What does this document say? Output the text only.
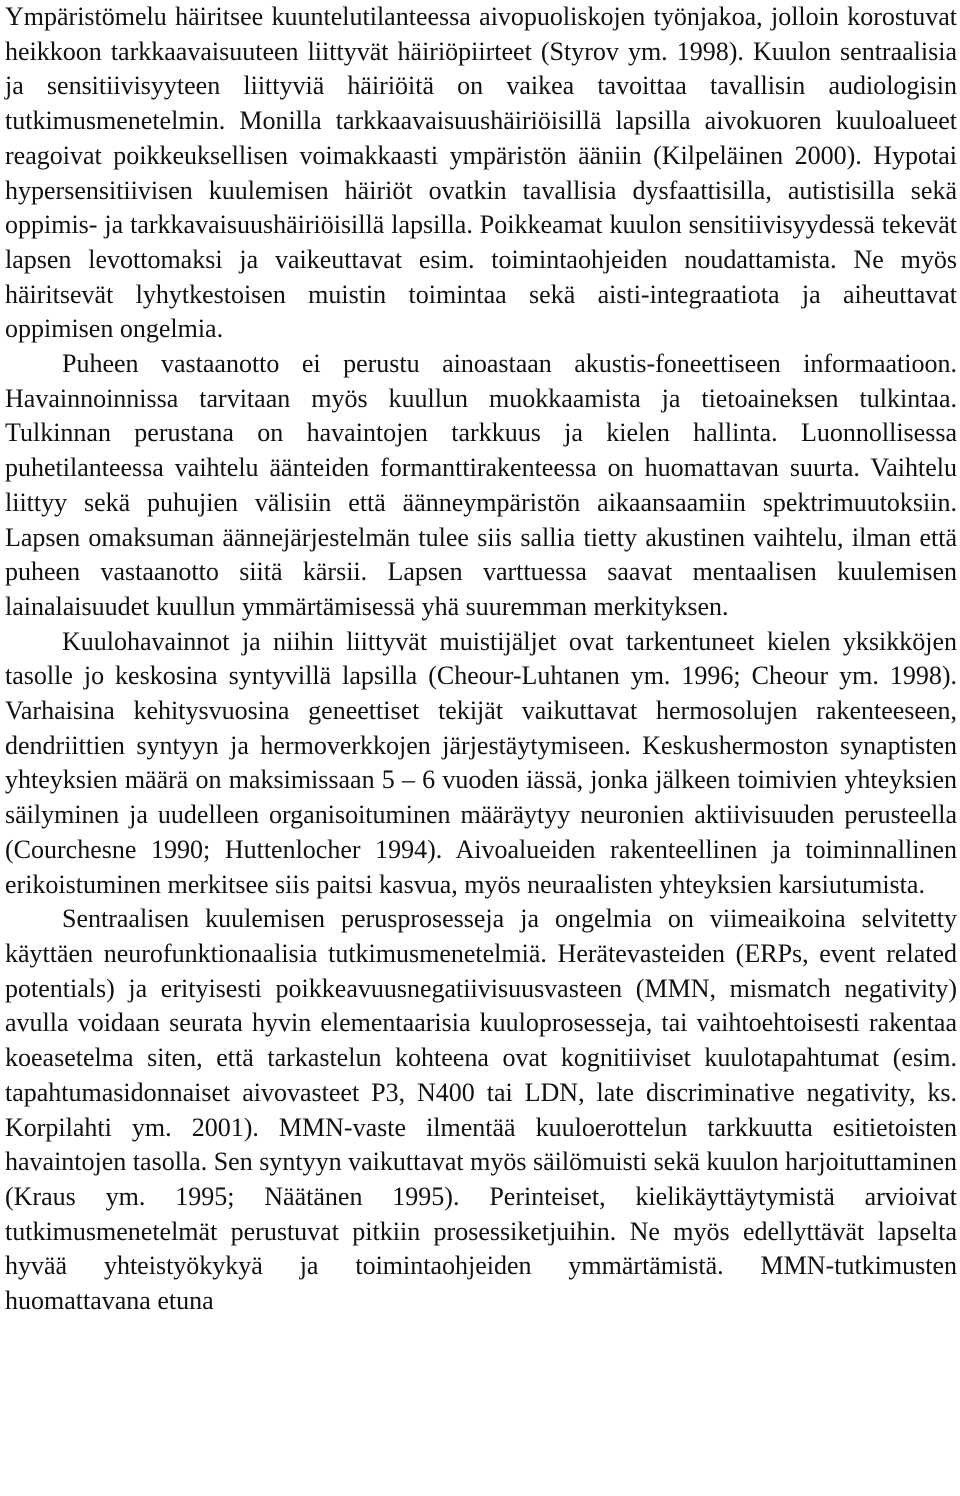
Ympäristömelu häiritsee kuuntelutilanteessa aivopuoliskojen työnjakoa, jolloin korostuvat heikkoon tarkkaavaisuuteen liittyvät häiriöpiirteet (Styrov ym. 1998). Kuulon sentraalisia ja sensitiivisyyteen liittyviä häiriöitä on vaikea tavoittaa tavallisin audiologisin tutkimusmenetelmin. Monilla tarkkaavaisuushäiriöisillä lapsilla aivokuoren kuuloalueet reagoivat poikkeuksellisen voimakkaasti ympäristön ääniin (Kilpeläinen 2000). Hypotai hypersensitiivisen kuulemisen häiriöt ovatkin tavallisia dysfaattisilla, autistisilla sekä oppimis- ja tarkkavaisuushäiriöisillä lapsilla. Poikkeamat kuulon sensitiivisyydessä tekevät lapsen levottomaksi ja vaikeuttavat esim. toimintaohjeiden noudattamista. Ne myös häiritsevät lyhytkestoisen muistin toimintaa sekä aisti-integraatiota ja aiheuttavat oppimisen ongelmia.

Puheen vastaanotto ei perustu ainoastaan akustis-foneettiseen informaatioon. Havainnoinnissa tarvitaan myös kuullun muokkaamista ja tietoaineksen tulkintaa. Tulkinnan perustana on havaintojen tarkkuus ja kielen hallinta. Luonnollisessa puhetilanteessa vaihtelu äänteiden formanttirakenteessa on huomattavan suurta. Vaihtelu liittyy sekä puhujien välisiin että äänneympäristön aikaansaamiin spektrimuutoksiin. Lapsen omaksuman äännejärjestelmän tulee siis sallia tietty akustinen vaihtelu, ilman että puheen vastaanotto siitä kärsii. Lapsen varttuessa saavat mentaalisen kuulemisen lainalaisuudet kuullun ymmärtämisessä yhä suuremman merkityksen.

Kuulohavainnot ja niihin liittyvät muistijäljet ovat tarkentuneet kielen yksikköjen tasolle jo keskosina syntyvillä lapsilla (Cheour-Luhtanen ym. 1996; Cheour ym. 1998). Varhaisina kehitysvuosina geneettiset tekijät vaikuttavat hermosolujen rakenteeseen, dendriittien syntyyn ja hermoverkkojen järjestäytymiseen. Keskushermoston synaptisten yhteyksien määrä on maksimissaan 5 – 6 vuoden iässä, jonka jälkeen toimivien yhteyksien säilyminen ja uudelleen organisoituminen määräytyy neuronien aktiivisuuden perusteella (Courchesne 1990; Huttenlocher 1994). Aivoalueiden rakenteellinen ja toiminnallinen erikoistuminen merkitsee siis paitsi kasvua, myös neuraalisten yhteyksien karsiutumista.

Sentraalisen kuulemisen perusprosesseja ja ongelmia on viimeaikoina selvitetty käyttäen neurofunktionaalisia tutkimusmenetelmiä. Herätevasteiden (ERPs, event related potentials) ja erityisesti poikkeavuusnegatiivisuusvasteen (MMN, mismatch negativity) avulla voidaan seurata hyvin elementaarisia kuuloprosesseja, tai vaihtoehtoisesti rakentaa koeasetelma siten, että tarkastelun kohteena ovat kognitiiviset kuulotapahtumat (esim. tapahtumasidonnaiset aivovasteet P3, N400 tai LDN, late discriminative negativity, ks. Korpilahti ym. 2001). MMN-vaste ilmentää kuuloerottelun tarkkuutta esitietoisten havaintojen tasolla. Sen syntyyn vaikuttavat myös säilömuisti sekä kuulon harjoituttaminen (Kraus ym. 1995; Näätänen 1995). Perinteiset, kielikäyttäytymistä arvioivat tutkimusmenetelmät perustuvat pitkiin prosessiketjuihin. Ne myös edellyttävät lapselta hyvää yhteistyökykyä ja toimintaohjeiden ymmärtämistä. MMN-tutkimusten huomattavana etuna
